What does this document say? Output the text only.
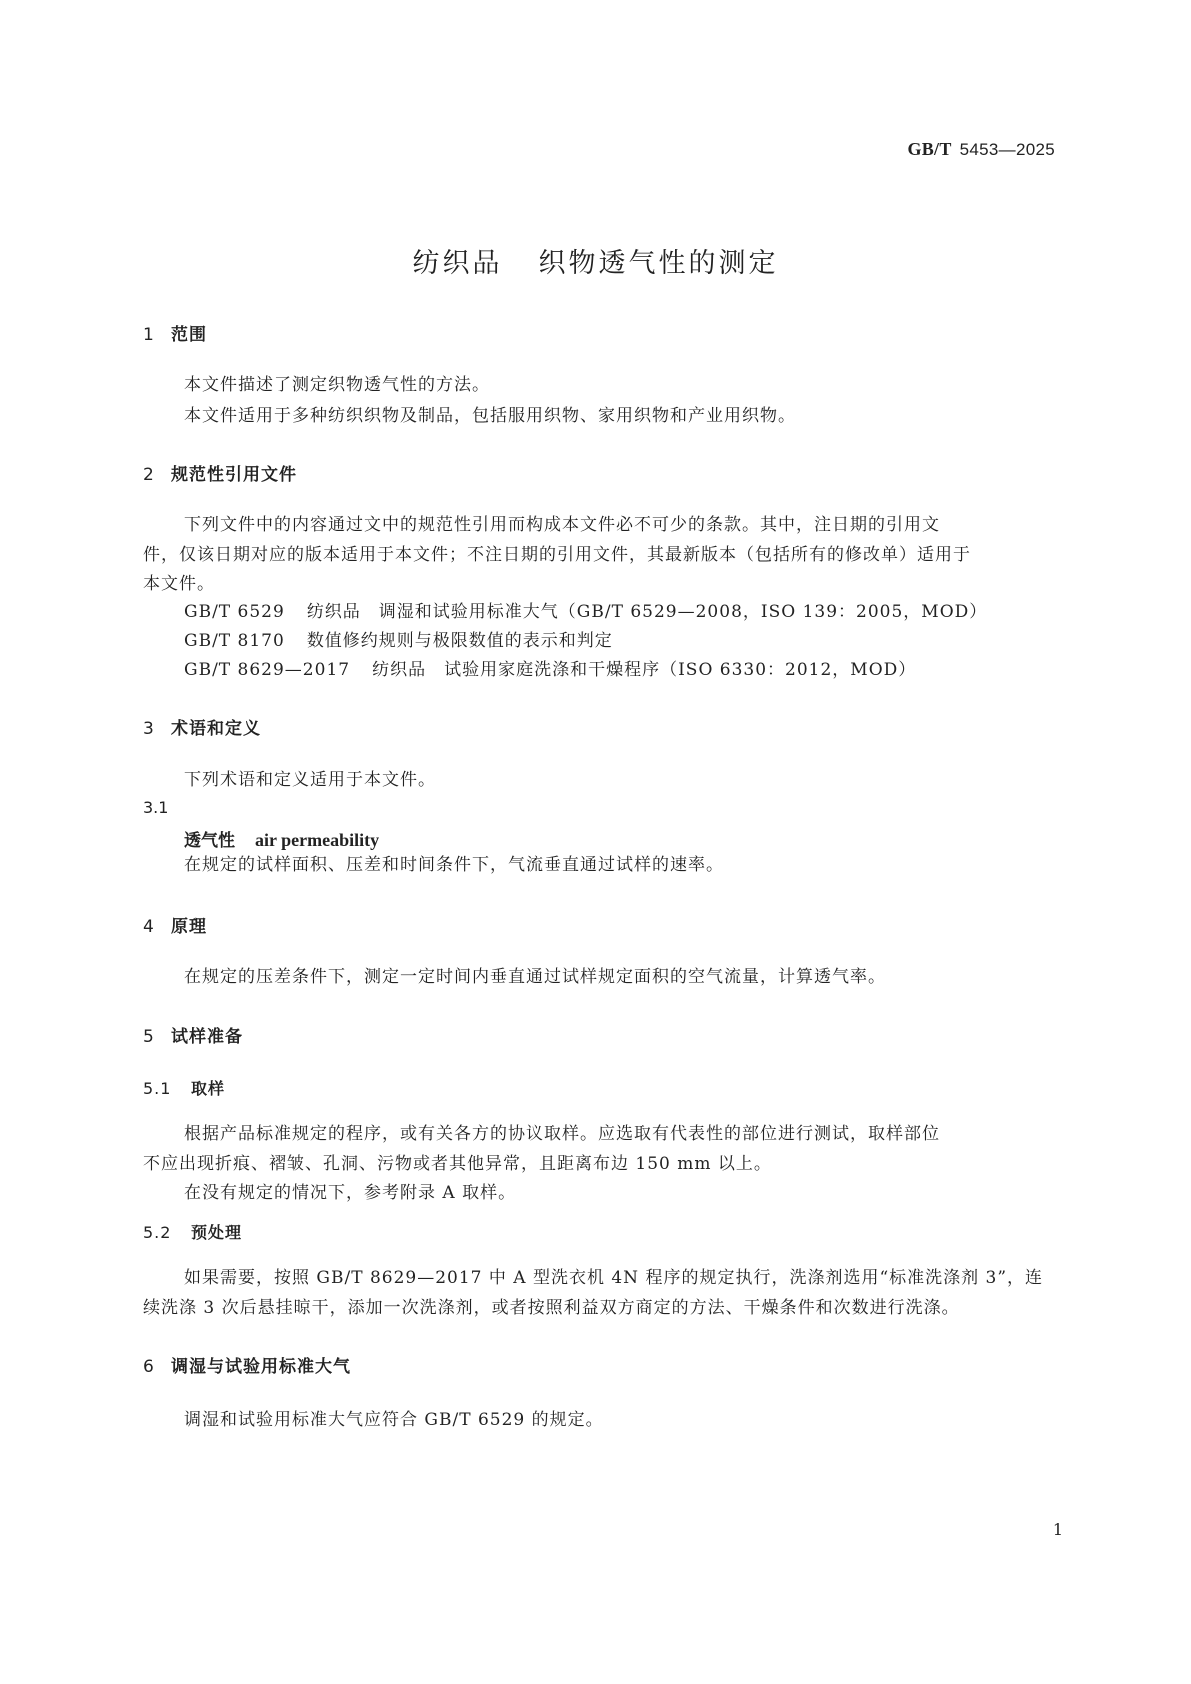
GB/T 5453—2025
纺织品 织物透气性的测定
1 范围
本文件描述了测定织物透气性的方法。
本文件适用于多种纺织织物及制品，包括服用织物、家用织物和产业用织物。
2 规范性引用文件
下列文件中的内容通过文中的规范性引用而构成本文件必不可少的条款。其中，注日期的引用文
件，仅该日期对应的版本适用于本文件；不注日期的引用文件，其最新版本（包括所有的修改单）适用于
本文件。
GB/T 6529 纺织品　调湿和试验用标准大气（GB/T 6529—2008，ISO 139：2005，MOD）
GB/T 8170 数值修约规则与极限数值的表示和判定
GB/T 8629—2017 纺织品　试验用家庭洗涤和干燥程序（ISO 6330：2012，MOD）
3 术语和定义
下列术语和定义适用于本文件。
3.1
透气性 air permeability
在规定的试样面积、压差和时间条件下，气流垂直通过试样的速率。
4 原理
在规定的压差条件下，测定一定时间内垂直通过试样规定面积的空气流量，计算透气率。
5 试样准备
5.1 取样
根据产品标准规定的程序，或有关各方的协议取样。应选取有代表性的部位进行测试，取样部位
不应出现折痕、褶皱、孔洞、污物或者其他异常，且距离布边 150 mm 以上。
在没有规定的情况下，参考附录 A 取样。
5.2 预处理
如果需要，按照 GB/T 8629—2017 中 A 型洗衣机 4N 程序的规定执行，洗涤剂选用“标准洗涤剂 3”，连
续洗涤 3 次后悬挂晾干，添加一次洗涤剂，或者按照利益双方商定的方法、干燥条件和次数进行洗涤。
6 调湿与试验用标准大气
调湿和试验用标准大气应符合 GB/T 6529 的规定。
1
